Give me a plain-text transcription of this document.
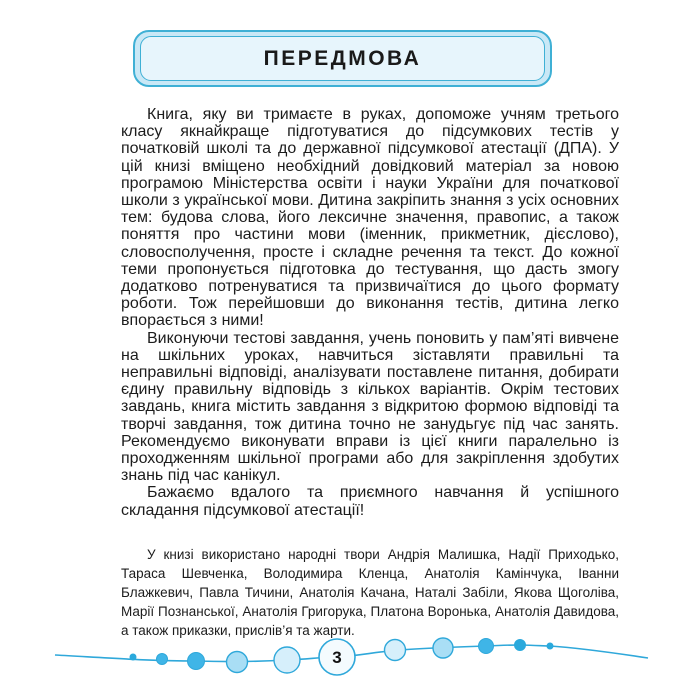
ПЕРЕДМОВА

Книга, яку ви тримаєте в руках, допоможе учням третього класу якнайкраще підготуватися до підсумкових тестів у початковій школі та до державної підсумкової атестації (ДПА). У цій книзі вміщено необхідний довідковий матеріал за новою програмою Міністерства освіти і науки України для початкової школи з української мови. Дитина закріпить знання з усіх основних тем: будова слова, його лексичне значення, правопис, а також поняття про частини мови (іменник, прикметник, дієслово), словосполучення, просте і складне речення та текст. До кожної теми пропонується підготовка до тестування, що дасть змогу додатково потренуватися та призвичаїтися до цього формату роботи. Тож перейшовши до виконання тестів, дитина легко впорається з ними!

Виконуючи тестові завдання, учень поновить у пам’яті вивчене на шкільних уроках, навчиться зіставляти правильні та неправильні відповіді, аналізувати поставлене питання, добирати єдину правильну відповідь з кількох варіантів. Окрім тестових завдань, книга містить завдання з відкритою формою відповіді та творчі завдання, тож дитина точно не занудьгує під час занять. Рекомендуємо виконувати вправи із цієї книги паралельно із проходженням шкільної програми або для закріплення здобутих знань під час канікул.

Бажаємо вдалого та приємного навчання й успішного складання підсумкової атестації!

У книзі використано народні твори Андрія Малишка, Надії Приходько, Тараса Шевченка, Володимира Кленца, Анатолія Камінчука, Іванни Блажкевич, Павла Тичини, Анатолія Качана, Наталі Забіли, Якова Щоголіва, Марії Познанської, Анатолія Григорука, Платона Воронька, Анатолія Давидова, а також приказки, прислів’я та жарти.

3
